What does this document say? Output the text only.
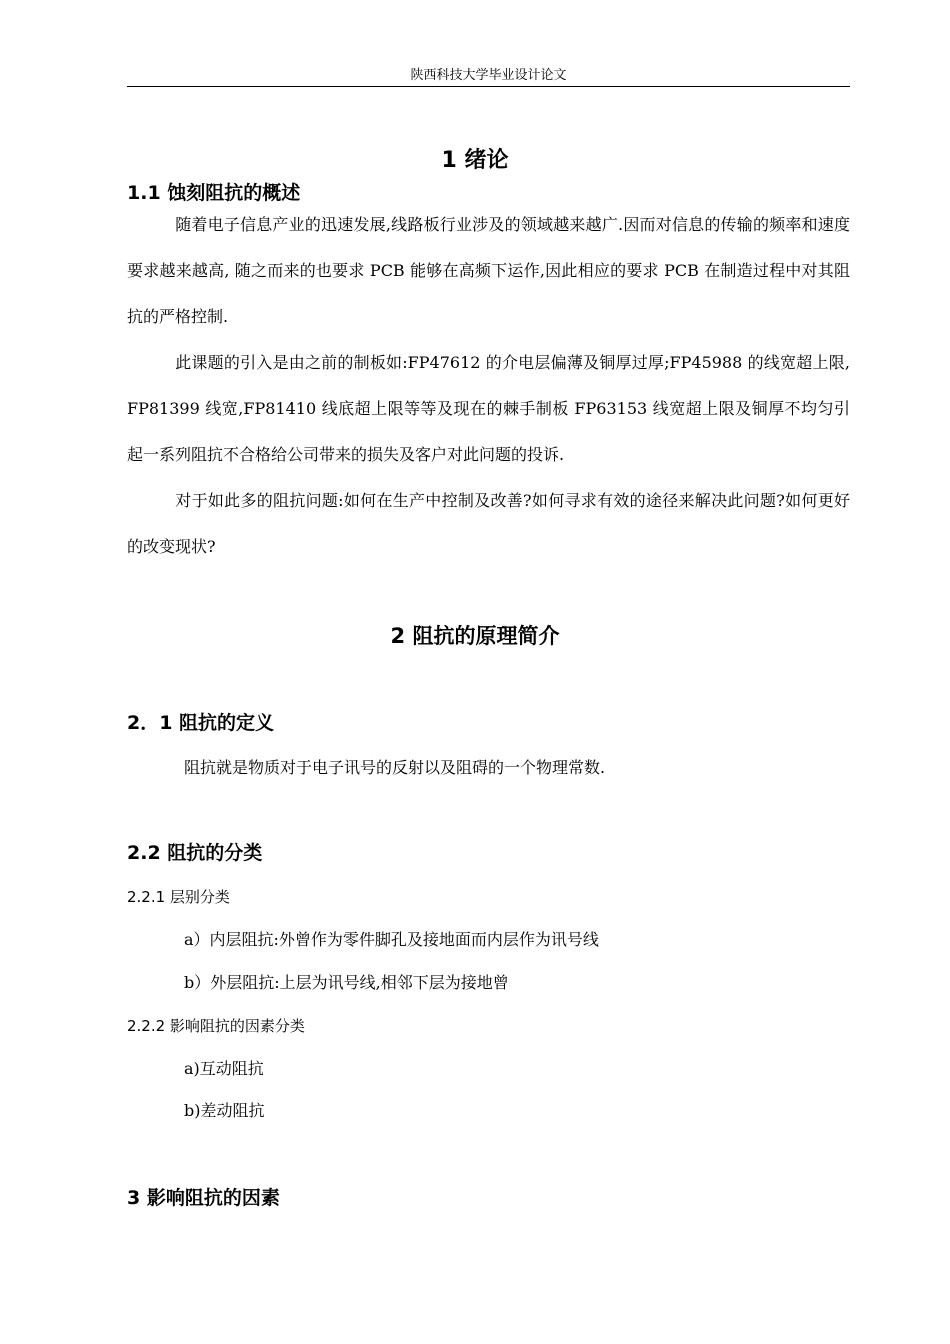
陕西科技大学毕业设计论文
1 绪论
1.1 蚀刻阻抗的概述

随着电子信息产业的迅速发展,线路板行业涉及的领域越来越广.因而对信息的传输的频率和速度要求越来越高, 随之而来的也要求 PCB 能够在高频下运作,因此相应的要求 PCB 在制造过程中对其阻抗的严格控制.

此课题的引入是由之前的制板如:FP47612 的介电层偏薄及铜厚过厚;FP45988 的线宽超上限, FP81399 线宽,FP81410 线底超上限等等及现在的棘手制板 FP63153 线宽超上限及铜厚不均匀引起一系列阻抗不合格给公司带来的损失及客户对此问题的投诉.

对于如此多的阻抗问题:如何在生产中控制及改善?如何寻求有效的途径来解决此问题?如何更好的改变现状?

2 阻抗的原理简介
2．1 阻抗的定义
阻抗就是物质对于电子讯号的反射以及阻碍的一个物理常数.
2.2 阻抗的分类
2.2.1 层别分类
a）内层阻抗:外曾作为零件脚孔及接地面而内层作为讯号线
b）外层阻抗:上层为讯号线,相邻下层为接地曾
2.2.2 影响阻抗的因素分类
a)互动阻抗
b)差动阻抗
3 影响阻抗的因素
